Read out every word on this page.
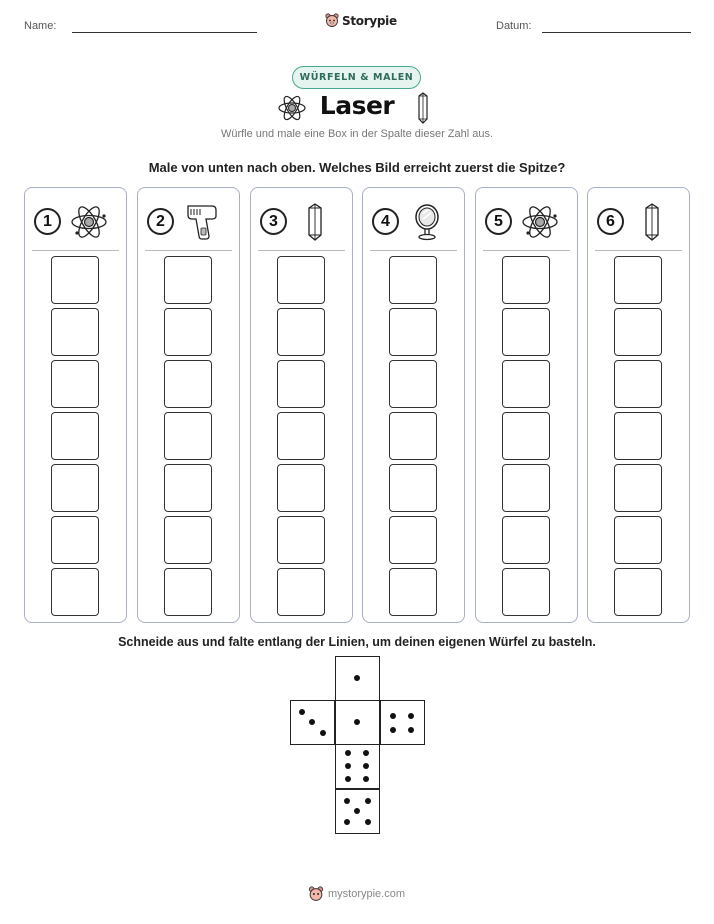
Name:	Storypie	Datum:
WÜRFELN & MALEN
Laser
Würfle und male eine Box in der Spalte dieser Zahl aus.
Male von unten nach oben. Welches Bild erreicht zuerst die Spitze?
1	2	3	4	5	6
Schneide aus und falte entlang der Linien, um deinen eigenen Würfel zu basteln.
mystorypie.com
